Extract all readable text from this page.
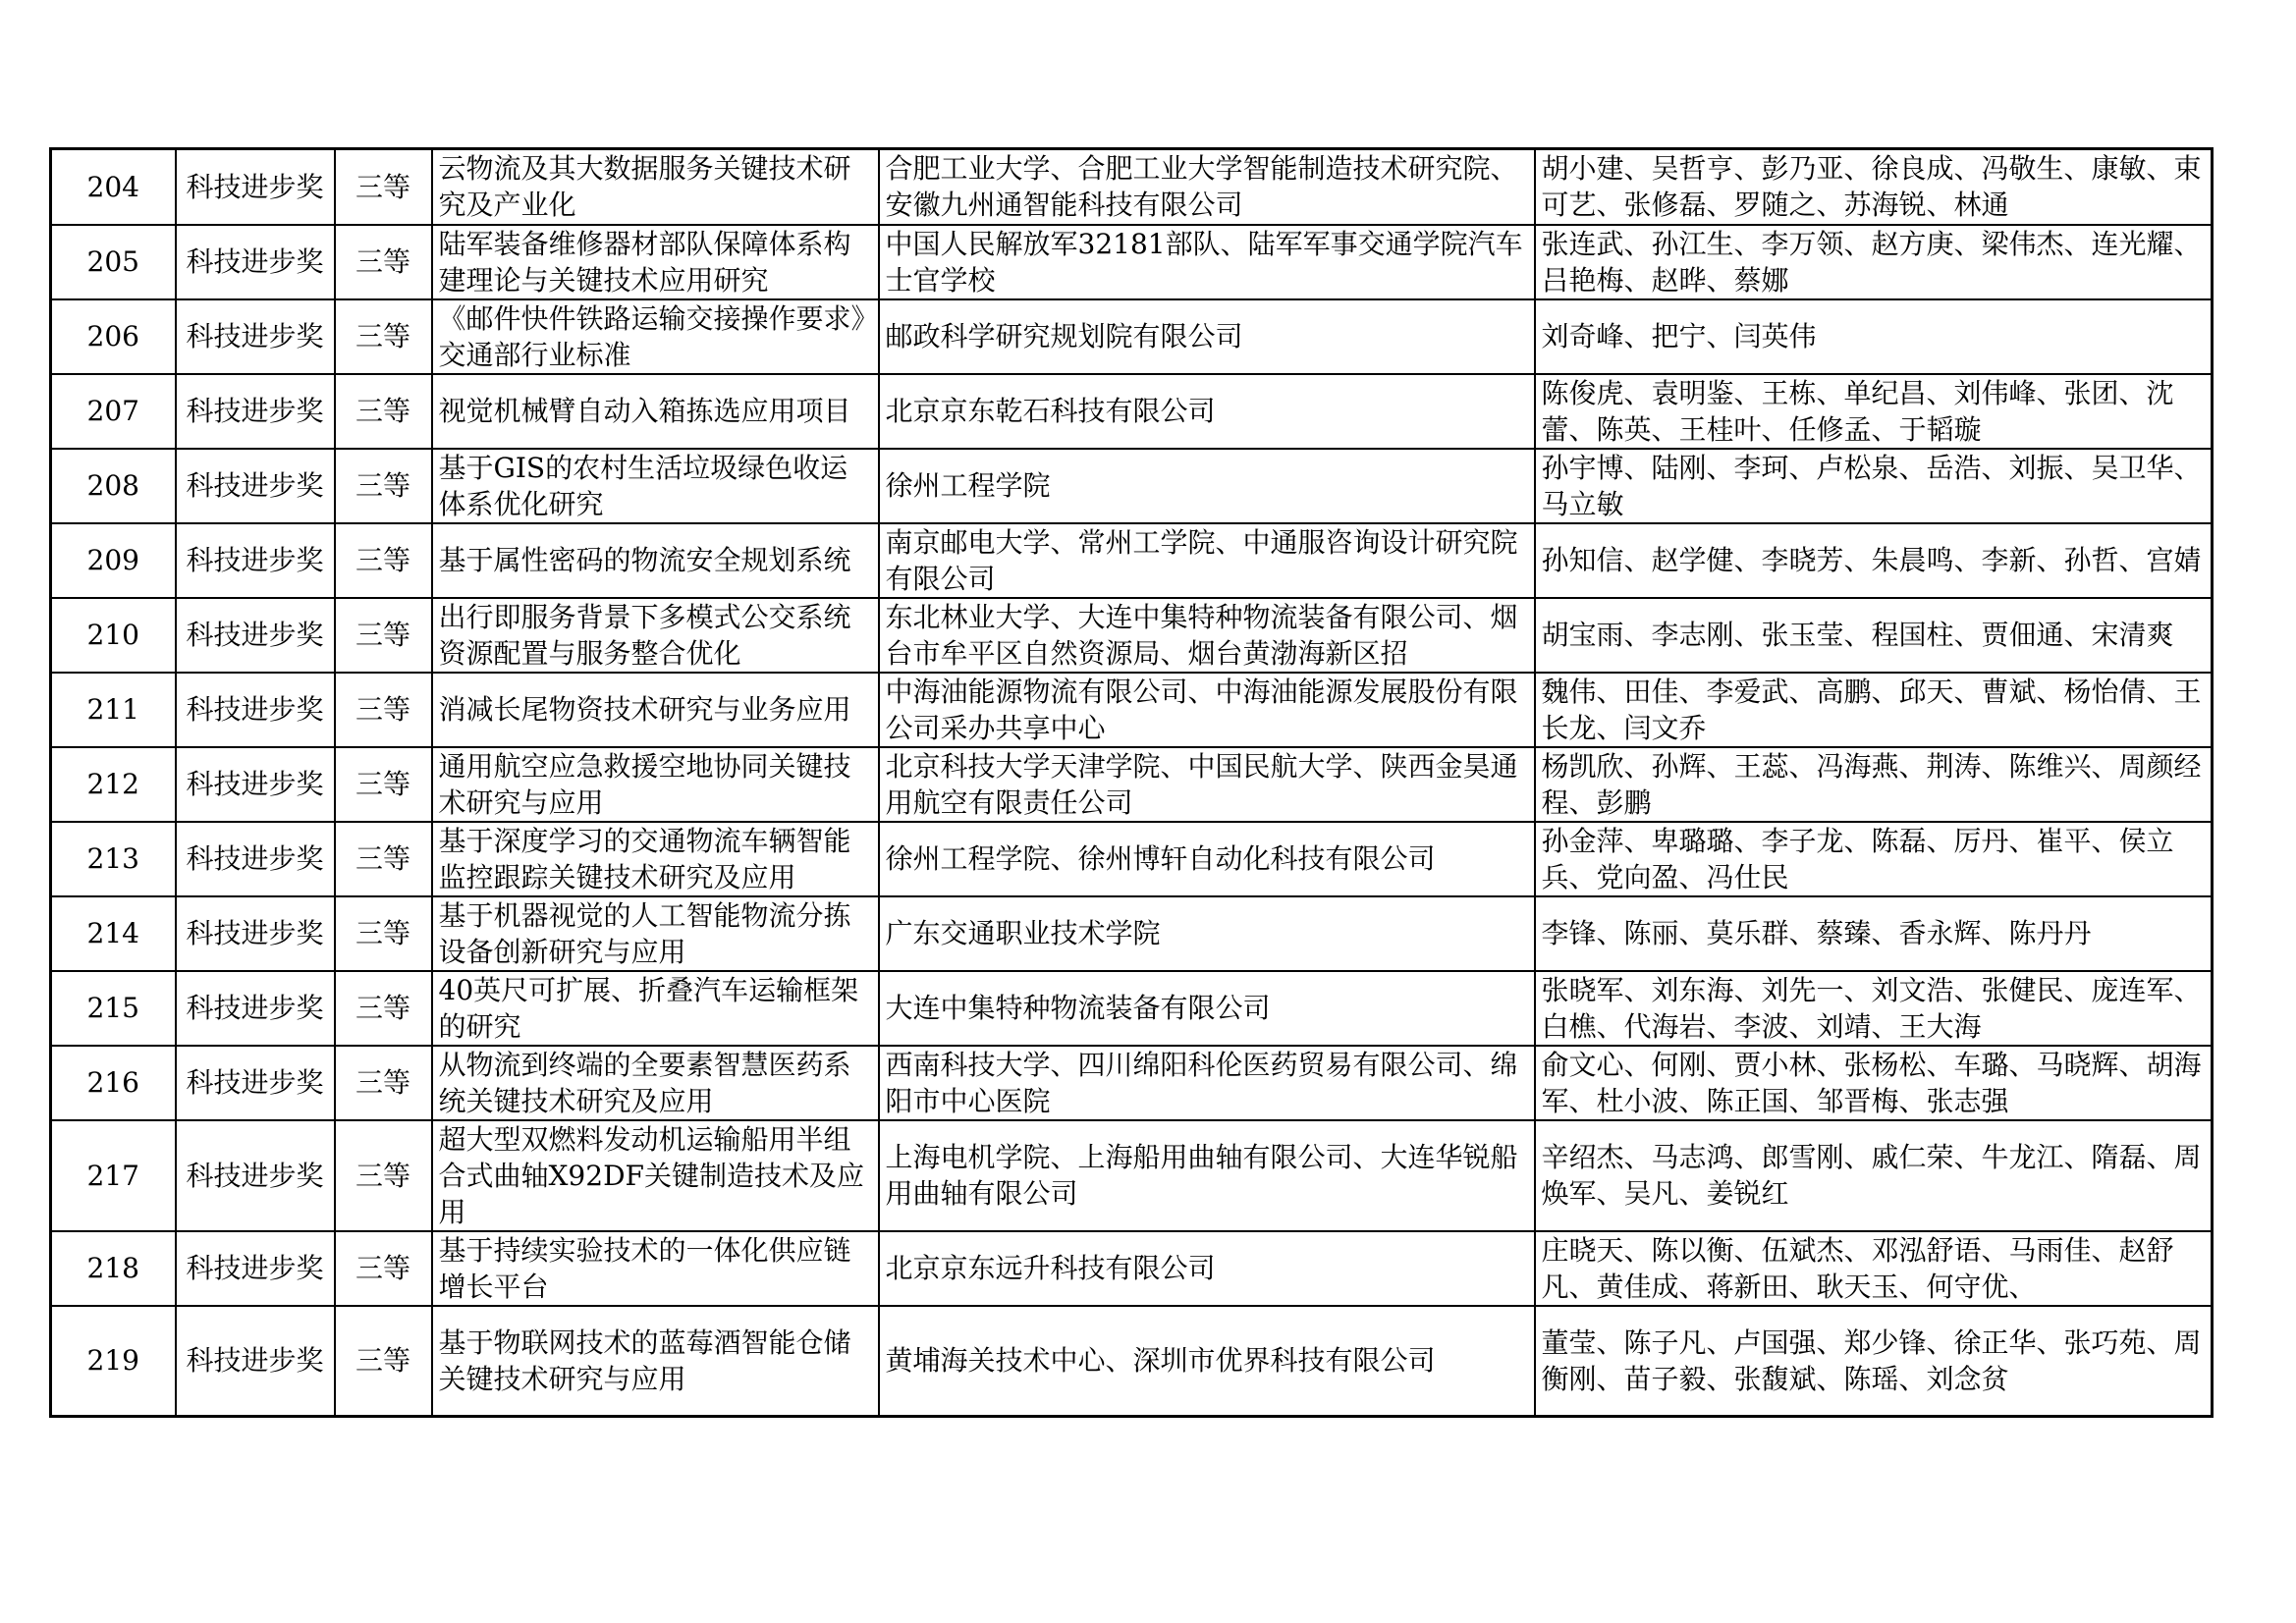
204	科技进步奖	三等	云物流及其大数据服务关键技术研究及产业化	合肥工业大学、合肥工业大学智能制造技术研究院、安徽九州通智能科技有限公司	胡小建、吴哲亨、彭乃亚、徐良成、冯敬生、康敏、束可艺、张修磊、罗随之、苏海锐、林通

205	科技进步奖	三等	陆军装备维修器材部队保障体系构建理论与关键技术应用研究	中国人民解放军32181部队、陆军军事交通学院汽车士官学校	张连武、孙江生、李万领、赵方庚、梁伟杰、连光耀、吕艳梅、赵晔、蔡娜

206	科技进步奖	三等	《邮件快件铁路运输交接操作要求》交通部行业标准	邮政科学研究规划院有限公司	刘奇峰、把宁、闫英伟

207	科技进步奖	三等	视觉机械臂自动入箱拣选应用项目	北京京东乾石科技有限公司	陈俊虎、袁明鉴、王栋、单纪昌、刘伟峰、张团、沈蕾、陈英、王桂叶、任修孟、于韬璇

208	科技进步奖	三等	基于GIS的农村生活垃圾绿色收运体系优化研究	徐州工程学院	孙宇博、陆刚、李珂、卢松泉、岳浩、刘振、吴卫华、马立敏

209	科技进步奖	三等	基于属性密码的物流安全规划系统	南京邮电大学、常州工学院、中通服咨询设计研究院有限公司	孙知信、赵学健、李晓芳、朱晨鸣、李新、孙哲、宫婧

210	科技进步奖	三等	出行即服务背景下多模式公交系统资源配置与服务整合优化	东北林业大学、大连中集特种物流装备有限公司、烟台市牟平区自然资源局、烟台黄渤海新区招	胡宝雨、李志刚、张玉莹、程国柱、贾佃通、宋清爽

211	科技进步奖	三等	消减长尾物资技术研究与业务应用	中海油能源物流有限公司、中海油能源发展股份有限公司采办共享中心	魏伟、田佳、李爱武、高鹏、邱天、曹斌、杨怡倩、王长龙、闫文乔

212	科技进步奖	三等	通用航空应急救援空地协同关键技术研究与应用	北京科技大学天津学院、中国民航大学、陕西金昊通用航空有限责任公司	杨凯欣、孙辉、王蕊、冯海燕、荆涛、陈维兴、周颜经程、彭鹏

213	科技进步奖	三等	基于深度学习的交通物流车辆智能监控跟踪关键技术研究及应用	徐州工程学院、徐州博轩自动化科技有限公司	孙金萍、卑璐璐、李子龙、陈磊、厉丹、崔平、侯立兵、党向盈、冯仕民

214	科技进步奖	三等	基于机器视觉的人工智能物流分拣设备创新研究与应用	广东交通职业技术学院	李锋、陈丽、莫乐群、蔡臻、香永辉、陈丹丹

215	科技进步奖	三等	40英尺可扩展、折叠汽车运输框架的研究	大连中集特种物流装备有限公司	张晓军、刘东海、刘先一、刘文浩、张健民、庞连军、白樵、代海岩、李波、刘靖、王大海

216	科技进步奖	三等	从物流到终端的全要素智慧医药系统关键技术研究及应用	西南科技大学、四川绵阳科伦医药贸易有限公司、绵阳市中心医院	俞文心、何刚、贾小林、张杨松、车璐、马晓辉、胡海军、杜小波、陈正国、邹晋梅、张志强

217	科技进步奖	三等	超大型双燃料发动机运输船用半组合式曲轴X92DF关键制造技术及应用	上海电机学院、上海船用曲轴有限公司、大连华锐船用曲轴有限公司	辛绍杰、马志鸿、郎雪刚、戚仁荣、牛龙江、隋磊、周焕军、吴凡、姜锐红

218	科技进步奖	三等	基于持续实验技术的一体化供应链增长平台	北京京东远升科技有限公司	庄晓天、陈以衡、伍斌杰、邓泓舒语、马雨佳、赵舒凡、黄佳成、蒋新田、耿天玉、何守优、

219	科技进步奖	三等	基于物联网技术的蓝莓酒智能仓储关键技术研究与应用	黄埔海关技术中心、深圳市优界科技有限公司	董莹、陈子凡、卢国强、郑少锋、徐正华、张巧苑、周衡刚、苗子毅、张馥斌、陈瑶、刘念贫
